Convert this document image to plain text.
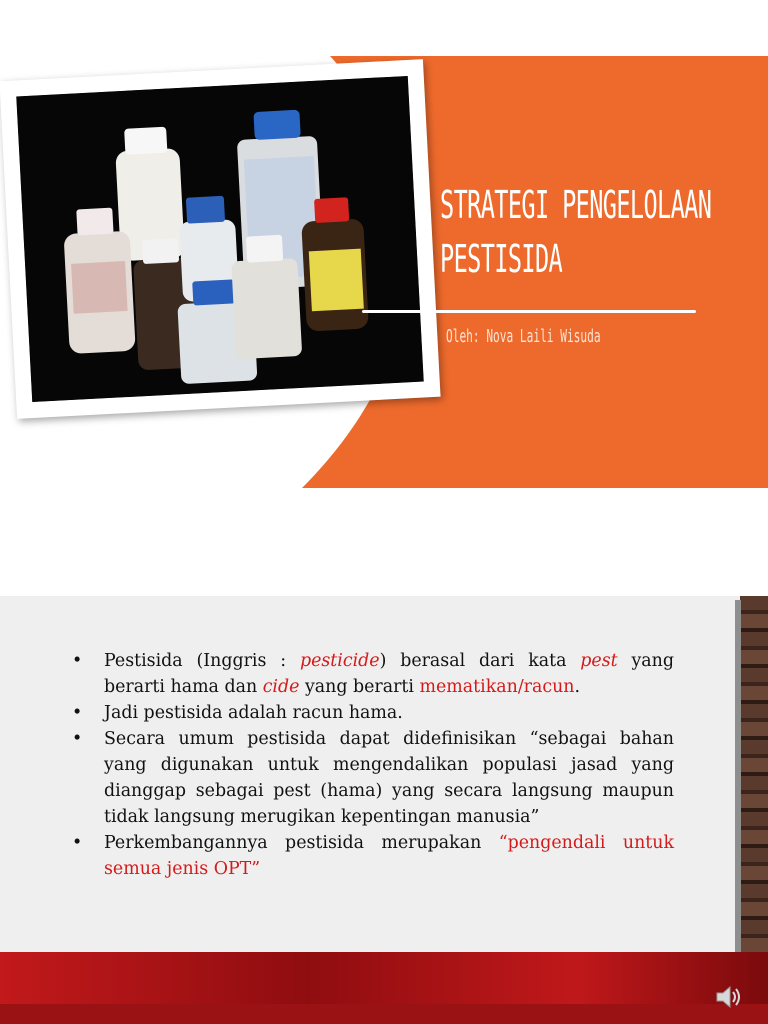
STRATEGI PENGELOLAAN
PESTISIDA
Oleh: Nova Laili Wisuda
• Pestisida (Inggris : pesticide) berasal dari kata pest yang berarti hama dan cide yang berarti mematikan/racun.
• Jadi pestisida adalah racun hama.
• Secara umum pestisida dapat didefinisikan “sebagai bahan yang digunakan untuk mengendalikan populasi jasad yang dianggap sebagai pest (hama) yang secara langsung maupun tidak langsung merugikan kepentingan manusia”
• Perkembangannya pestisida merupakan “pengendali untuk semua jenis OPT”
